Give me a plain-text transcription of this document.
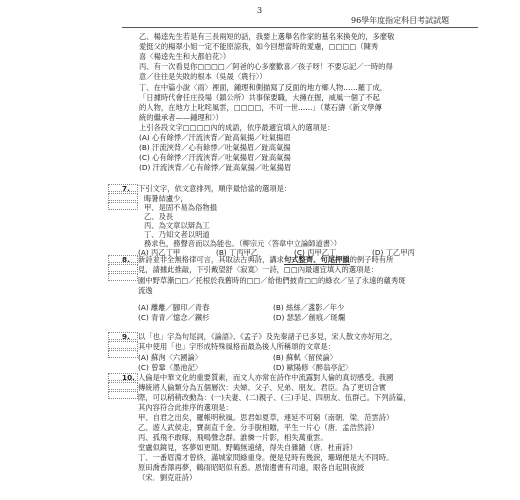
3
96學年度指定科目考試試題
乙、楊逵先生若是有三長兩短的話，我要上選舉名作家的墓名來換免的，多麼敬
愛挺父的楊翠小姐一定不能原諒我，如今回想當時的愛慮，□□□□（陳秀
喜〈楊逵先生和大都伯花〉）
丙、有一次看見你□□□□／阿爸的心多麼歡喜／孩子呀！不要忘記／一時的得
意／往往是失敗的根本（吳晟〈農行〉）
丁、在中篇小說〈雨〉裡面，鍾理和側描寫了反面的地方鄉人物……羅丁成，
「日據時代會任庄役場（鎮公所）共事保要職，大擁在握，威風一個了不起
的人物，在地方上叱咤風雲，□□□□，不可一世……」（葉石濤〈新文學傳
統的繼承者——鍾理和〉）
上引各段文字□□□□內的成語，依序最適宜填入的選項是：
(A) 心有餘悸／汗流浹背／趾高氣揚／吐氣揚眉
(B) 汗流浹背／心有餘悸／吐氣揚眉／趾高氣揚
(C) 心有餘悸／汗流浹背／吐氣揚眉／趾高氣揚
(D) 汗流浹背／心有餘悸／趾高氣揚／吐氣揚眉
7. 下引文字，依文意排列，順序最恰當的選項是：
晦暑結盧少，
甲、是固不易為俗物損
乙、及長
丙、為文章以辯為工
丁、乃知文者以明道
務求色，務聲音而以為能也。（柳宗元〈答韋中立論師道書〉）
(A) 丙乙丁甲	(B) 丁丙甲乙	(C) 丙甲乙丁	(D) 丁乙甲丙
8. 新詩並非全無格律可言，其取法古典詩，講求句式整齊、句尾押韻的例子時有所
見，請據此推敲，下引戴望舒〈寂寞〉一詩，□□內最適宜填入的選項是：
園中野草漸□□／托根於我舊時的□□／給他們披青□□的綠衣／呈了永遠的蘊秀斑
流逸
(A) 離離／腳印／青春	(B) 絲絲／盞影／年少
(C) 青青／憶念／鐵杉	(D) 瑟瑟／創痕／斑爛
9. 以「也」字為句尾詞，《論語》、《孟子》及先秦諸子已多見，宋人散文亦好用之，
其中使用「也」字形成特殊風格而最為後人所稱頌的文章是：
(A) 蘇洵〈六國論〉	(B) 蘇軾〈留侯論〉
(C) 曾鞏〈墨池記〉	(D) 歐陽修〈醉翁亭記〉
10. 人倫是中華文化的重要質素，而文人亦常在詩作中流露對人倫的真切感受。我國
傳統將人倫類分為五個層次：夫婦、父子、兄弟、朋友、君臣。為了更切合實
際，可以稍稍改動為：(一)夫妻、(二)親子、(三)手足、四朋友、伍群己。下列詩篇，
其內容符合此排序的選項是：
甲、自君之出矣，羅帳明秋風。思君如夏草，連延不可窮（南朝．梁．范雲詩）
乙、遊人武侯走，寶刹直千金。分手脫相贈，平生一片心（唐．孟浩然詩）
丙、孤飛不敢啄，飛鳴聲念群。誰憐一片影，相失萬重雲。
堂盧似鏡見，客夢如更閒。野鶴無遠緒，得失自雜隨（唐．杜甫詩）
丁、一番眉淵才曾終，滿城家問綠重身。便是兒時有幾淚，珊瑚便是大不同時。
原田喬香澤再夢，鶴雨昭昭似有悉。恩情遺書有司遠，眼各自起則夜綬
（宋．劉克莊詩）
